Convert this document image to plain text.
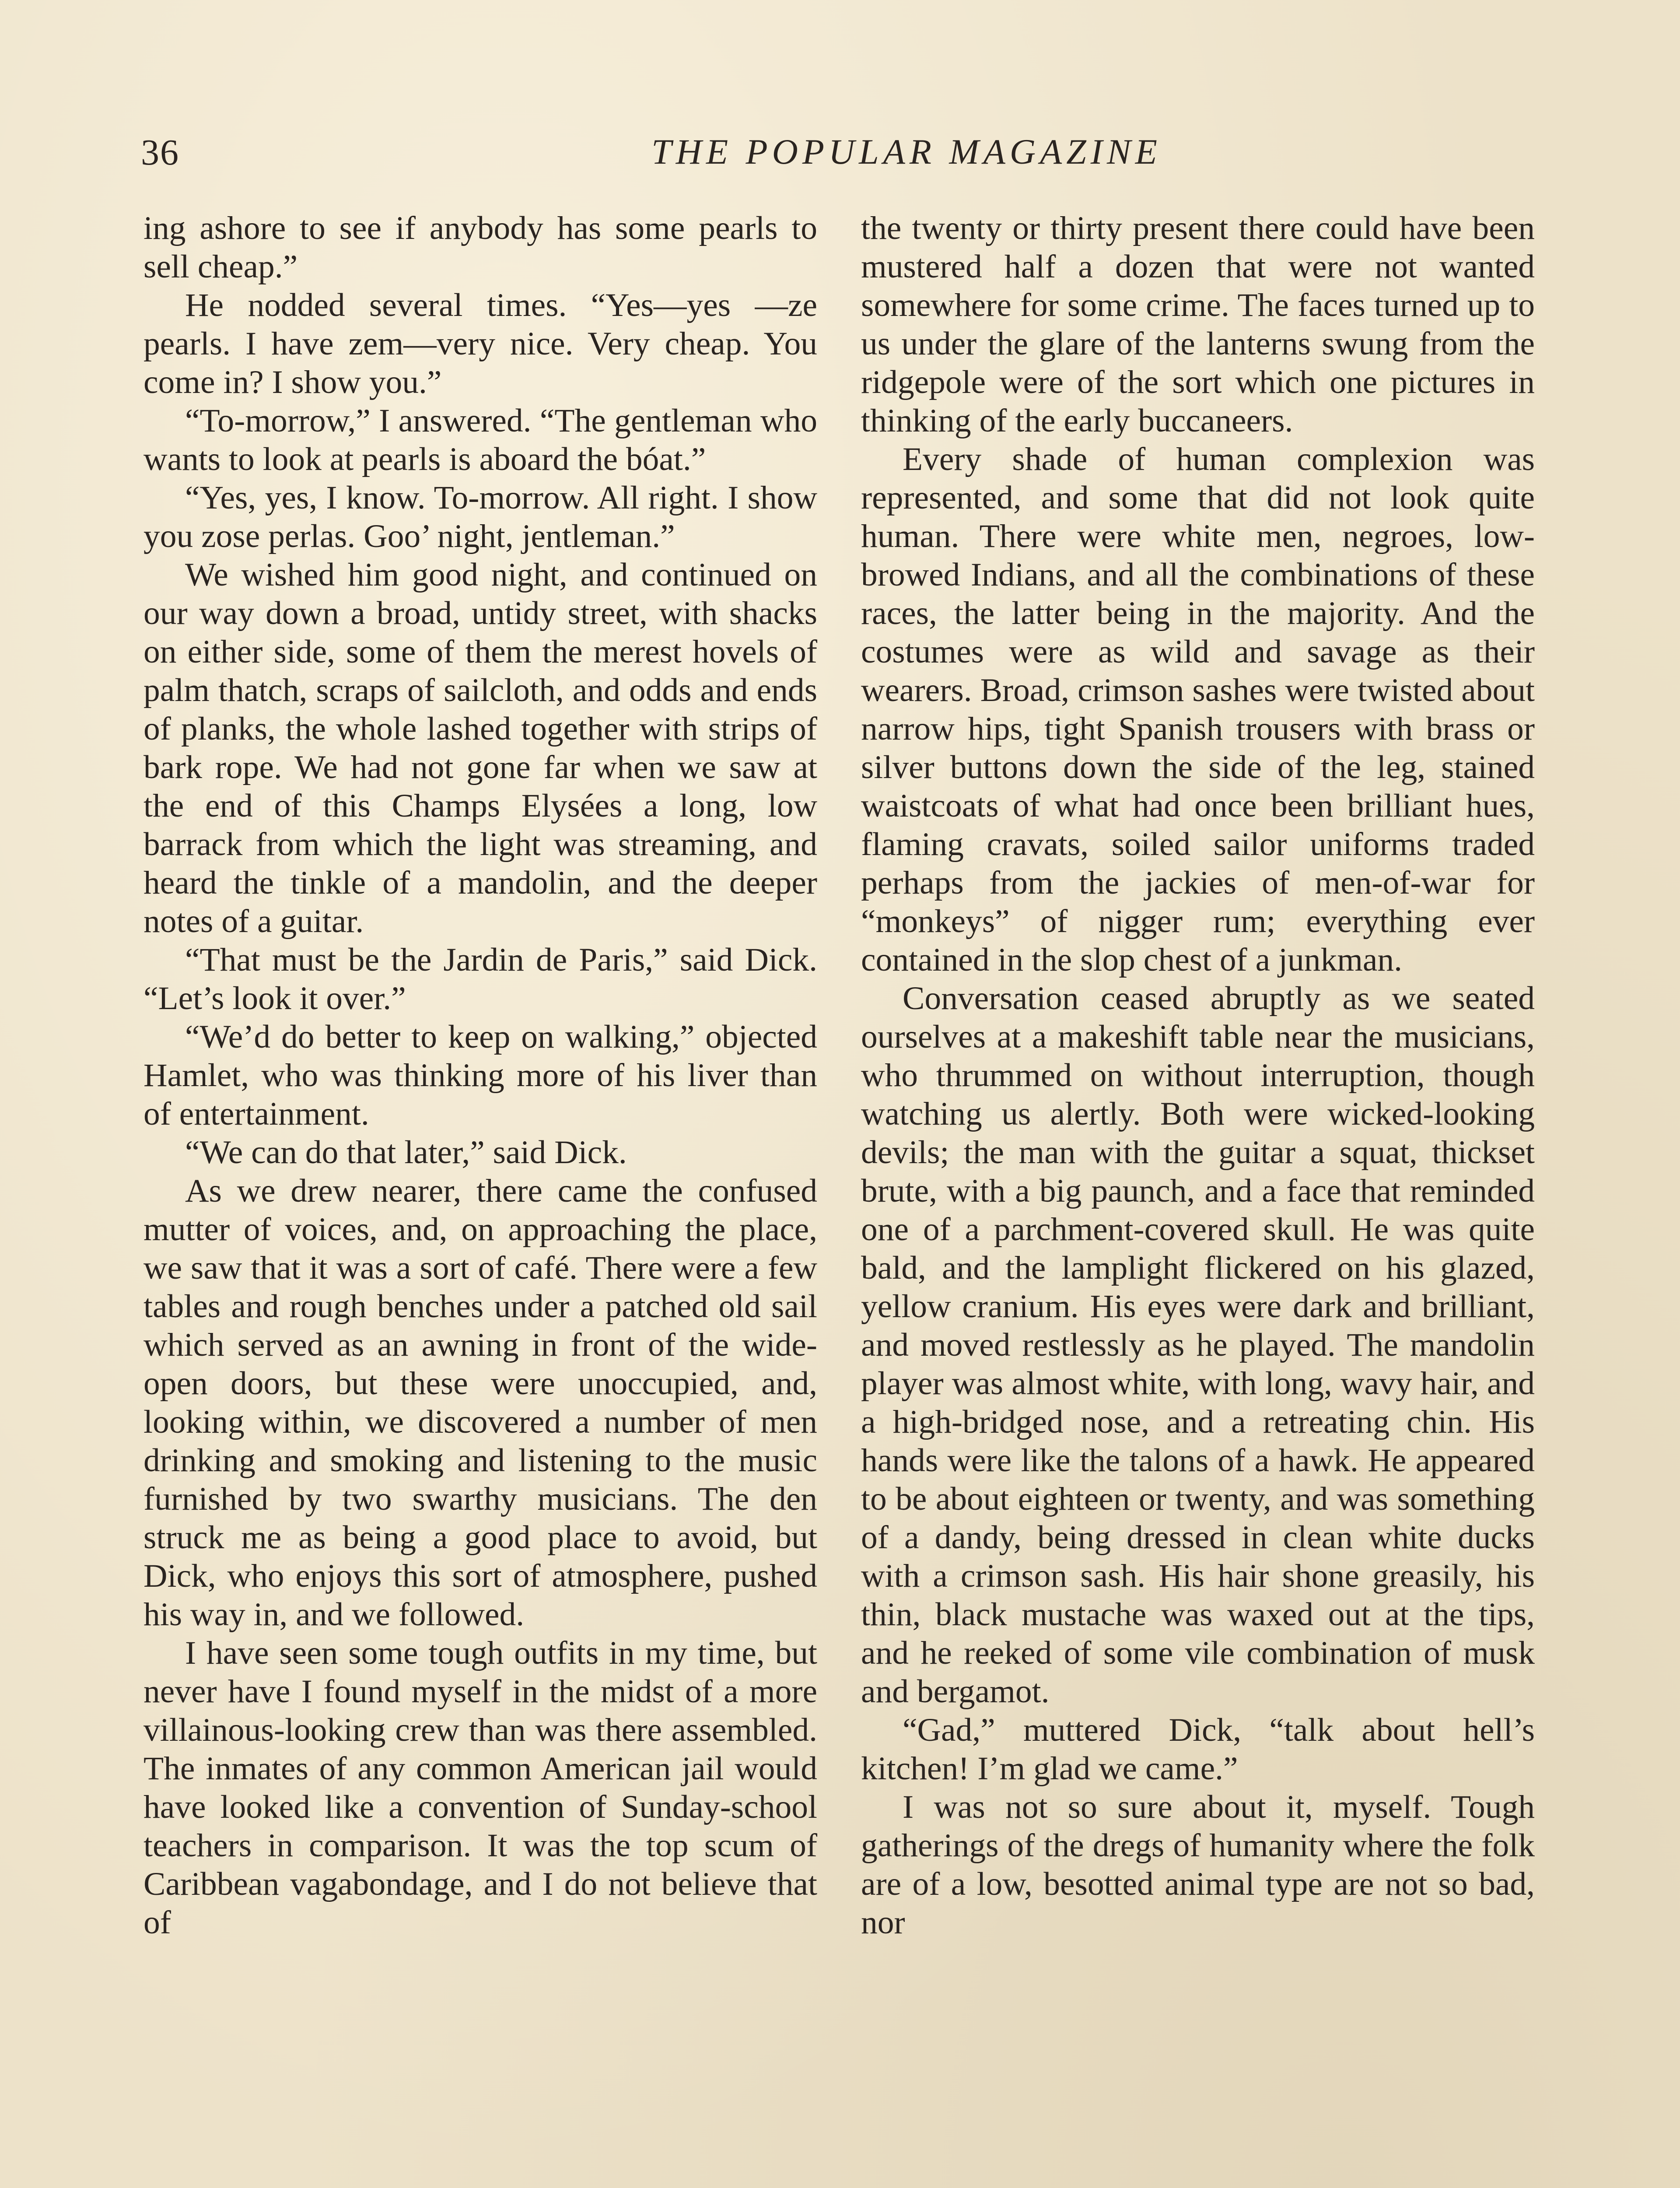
36	THE POPULAR MAGAZINE

ing ashore to see if anybody has some pearls to sell cheap.”

He nodded several times. “Yes—yes —ze pearls. I have zem—very nice. Very cheap. You come in? I show you.”

“To-morrow,” I answered. “The gentleman who wants to look at pearls is aboard the bóat.”

“Yes, yes, I know. To-morrow. All right. I show you zose perlas. Goo’ night, jentleman.”

We wished him good night, and continued on our way down a broad, untidy street, with shacks on either side, some of them the merest hovels of palm thatch, scraps of sailcloth, and odds and ends of planks, the whole lashed together with strips of bark rope. We had not gone far when we saw at the end of this Champs Elysées a long, low barrack from which the light was streaming, and heard the tinkle of a mandolin, and the deeper notes of a guitar.

“That must be the Jardin de Paris,” said Dick. “Let’s look it over.”

“We’d do better to keep on walking,” objected Hamlet, who was thinking more of his liver than of entertainment.

“We can do that later,” said Dick.

As we drew nearer, there came the confused mutter of voices, and, on approaching the place, we saw that it was a sort of café. There were a few tables and rough benches under a patched old sail which served as an awning in front of the wide-open doors, but these were unoccupied, and, looking within, we discovered a number of men drinking and smoking and listening to the music furnished by two swarthy musicians. The den struck me as being a good place to avoid, but Dick, who enjoys this sort of atmosphere, pushed his way in, and we followed.

I have seen some tough outfits in my time, but never have I found myself in the midst of a more villainous-looking crew than was there assembled. The inmates of any common American jail would have looked like a convention of Sunday-school teachers in comparison. It was the top scum of Caribbean vagabondage, and I do not believe that of

the twenty or thirty present there could have been mustered half a dozen that were not wanted somewhere for some crime. The faces turned up to us under the glare of the lanterns swung from the ridgepole were of the sort which one pictures in thinking of the early buccaneers.

Every shade of human complexion was represented, and some that did not look quite human. There were white men, negroes, low-browed Indians, and all the combinations of these races, the latter being in the majority. And the costumes were as wild and savage as their wearers. Broad, crimson sashes were twisted about narrow hips, tight Spanish trousers with brass or silver buttons down the side of the leg, stained waistcoats of what had once been brilliant hues, flaming cravats, soiled sailor uniforms traded perhaps from the jackies of men-of-war for “monkeys” of nigger rum; everything ever contained in the slop chest of a junkman.

Conversation ceased abruptly as we seated ourselves at a makeshift table near the musicians, who thrummed on without interruption, though watching us alertly. Both were wicked-looking devils; the man with the guitar a squat, thickset brute, with a big paunch, and a face that reminded one of a parchment-covered skull. He was quite bald, and the lamplight flickered on his glazed, yellow cranium. His eyes were dark and brilliant, and moved restlessly as he played. The mandolin player was almost white, with long, wavy hair, and a high-bridged nose, and a retreating chin. His hands were like the talons of a hawk. He appeared to be about eighteen or twenty, and was something of a dandy, being dressed in clean white ducks with a crimson sash. His hair shone greasily, his thin, black mustache was waxed out at the tips, and he reeked of some vile combination of musk and bergamot.

“Gad,” muttered Dick, “talk about hell’s kitchen! I’m glad we came.”

I was not so sure about it, myself. Tough gatherings of the dregs of humanity where the folk are of a low, besotted animal type are not so bad, nor
